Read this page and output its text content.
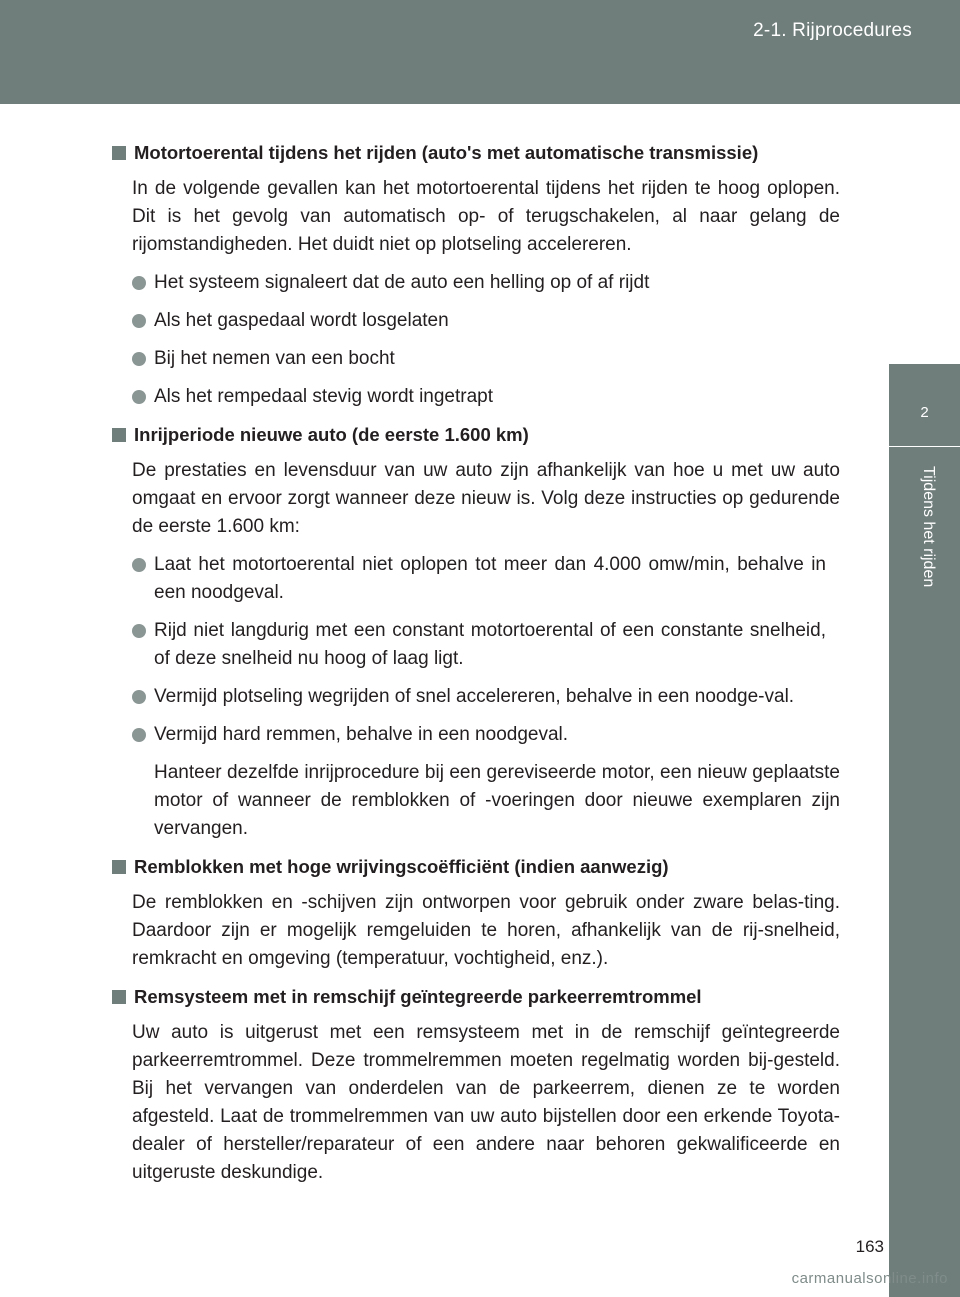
2-1. Rijprocedures
2
Tijdens het rijden
Motortoerental tijdens het rijden (auto's met automatische transmissie)

In de volgende gevallen kan het motortoerental tijdens het rijden te hoog oplopen. Dit is het gevolg van automatisch op- of terugschakelen, al naar gelang de rijomstandigheden. Het duidt niet op plotseling accelereren.

Het systeem signaleert dat de auto een helling op of af rijdt
Als het gaspedaal wordt losgelaten
Bij het nemen van een bocht
Als het rempedaal stevig wordt ingetrapt
Inrijperiode nieuwe auto (de eerste 1.600 km)

De prestaties en levensduur van uw auto zijn afhankelijk van hoe u met uw auto omgaat en ervoor zorgt wanneer deze nieuw is. Volg deze instructies op gedurende de eerste 1.600 km:

Laat het motortoerental niet oplopen tot meer dan 4.000 omw/min, behalve in een noodgeval.
Rijd niet langdurig met een constant motortoerental of een constante snelheid, of deze snelheid nu hoog of laag ligt.
Vermijd plotseling wegrijden of snel accelereren, behalve in een noodge-val.
Vermijd hard remmen, behalve in een noodgeval.

Hanteer dezelfde inrijprocedure bij een gereviseerde motor, een nieuw geplaatste motor of wanneer de remblokken of -voeringen door nieuwe exemplaren zijn vervangen.

Remblokken met hoge wrijvingscoëfficiënt (indien aanwezig)

De remblokken en -schijven zijn ontworpen voor gebruik onder zware belas-ting. Daardoor zijn er mogelijk remgeluiden te horen, afhankelijk van de rij-snelheid, remkracht en omgeving (temperatuur, vochtigheid, enz.).

Remsysteem met in remschijf geïntegreerde parkeerremtrommel

Uw auto is uitgerust met een remsysteem met in de remschijf geïntegreerde parkeerremtrommel. Deze trommelremmen moeten regelmatig worden bij-gesteld. Bij het vervangen van onderdelen van de parkeerrem, dienen ze te worden afgesteld. Laat de trommelremmen van uw auto bijstellen door een erkende Toyota-dealer of hersteller/reparateur of een andere naar behoren gekwalificeerde en uitgeruste deskundige.

163
carmanualsonline.info
